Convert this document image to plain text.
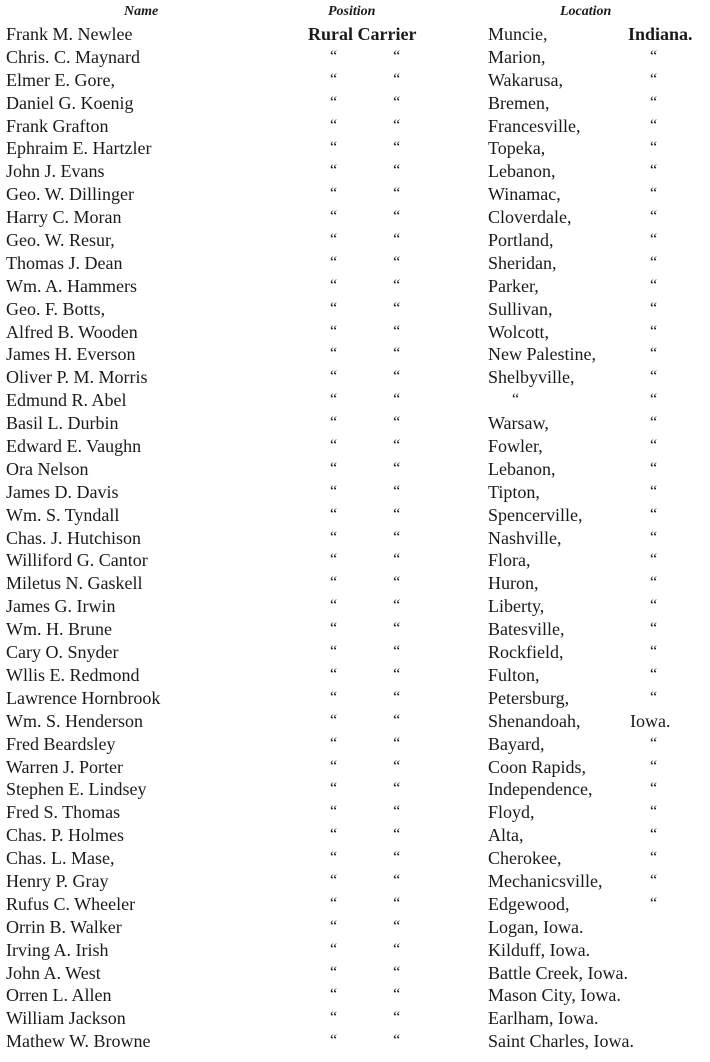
Name	Position	Location
Frank M. Newlee	Rural Carrier	Muncie,	Indiana.
Chris. C. Maynard	“ “	Marion,	“
Elmer E. Gore,	“ “	Wakarusa,	“
Daniel G. Koenig	“ “	Bremen,	“
Frank Grafton	“ “	Francesville,	“
Ephraim E. Hartzler	“ “	Topeka,	“
John J. Evans	“ “	Lebanon,	“
Geo. W. Dillinger	“ “	Winamac,	“
Harry C. Moran	“ “	Cloverdale,	“
Geo. W. Resur,	“ “	Portland,	“
Thomas J. Dean	“ “	Sheridan,	“
Wm. A. Hammers	“ “	Parker,	“
Geo. F. Botts,	“ “	Sullivan,	“
Alfred B. Wooden	“ “	Wolcott,	“
James H. Everson	“ “	New Palestine,	“
Oliver P. M. Morris	“ “	Shelbyville,	“
Edmund R. Abel	“ “	“	“
Basil L. Durbin	“ “	Warsaw,	“
Edward E. Vaughn	“ “	Fowler,	“
Ora Nelson	“ “	Lebanon,	“
James D. Davis	“ “	Tipton,	“
Wm. S. Tyndall	“ “	Spencerville,	“
Chas. J. Hutchison	“ “	Nashville,	“
Williford G. Cantor	“ “	Flora,	“
Miletus N. Gaskell	“ “	Huron,	“
James G. Irwin	“ “	Liberty,	“
Wm. H. Brune	“ “	Batesville,	“
Cary O. Snyder	“ “	Rockfield,	“
Wllis E. Redmond	“ “	Fulton,	“
Lawrence Hornbrook	“ “	Petersburg,	“
Wm. S. Henderson	“ “	Shenandoah,	Iowa.
Fred Beardsley	“ “	Bayard,	“
Warren J. Porter	“ “	Coon Rapids,	“
Stephen E. Lindsey	“ “	Independence,	“
Fred S. Thomas	“ “	Floyd,	“
Chas. P. Holmes	“ “	Alta,	“
Chas. L. Mase,	“ “	Cherokee,	“
Henry P. Gray	“ “	Mechanicsville,	“
Rufus C. Wheeler	“ “	Edgewood,	“
Orrin B. Walker	“ “	Logan, Iowa.
Irving A. Irish	“ “	Kilduff, Iowa.
John A. West	“ “	Battle Creek, Iowa.
Orren L. Allen	“ “	Mason City, Iowa.
William Jackson	“ “	Earlham, Iowa.
Mathew W. Browne	“ “	Saint Charles, Iowa.
